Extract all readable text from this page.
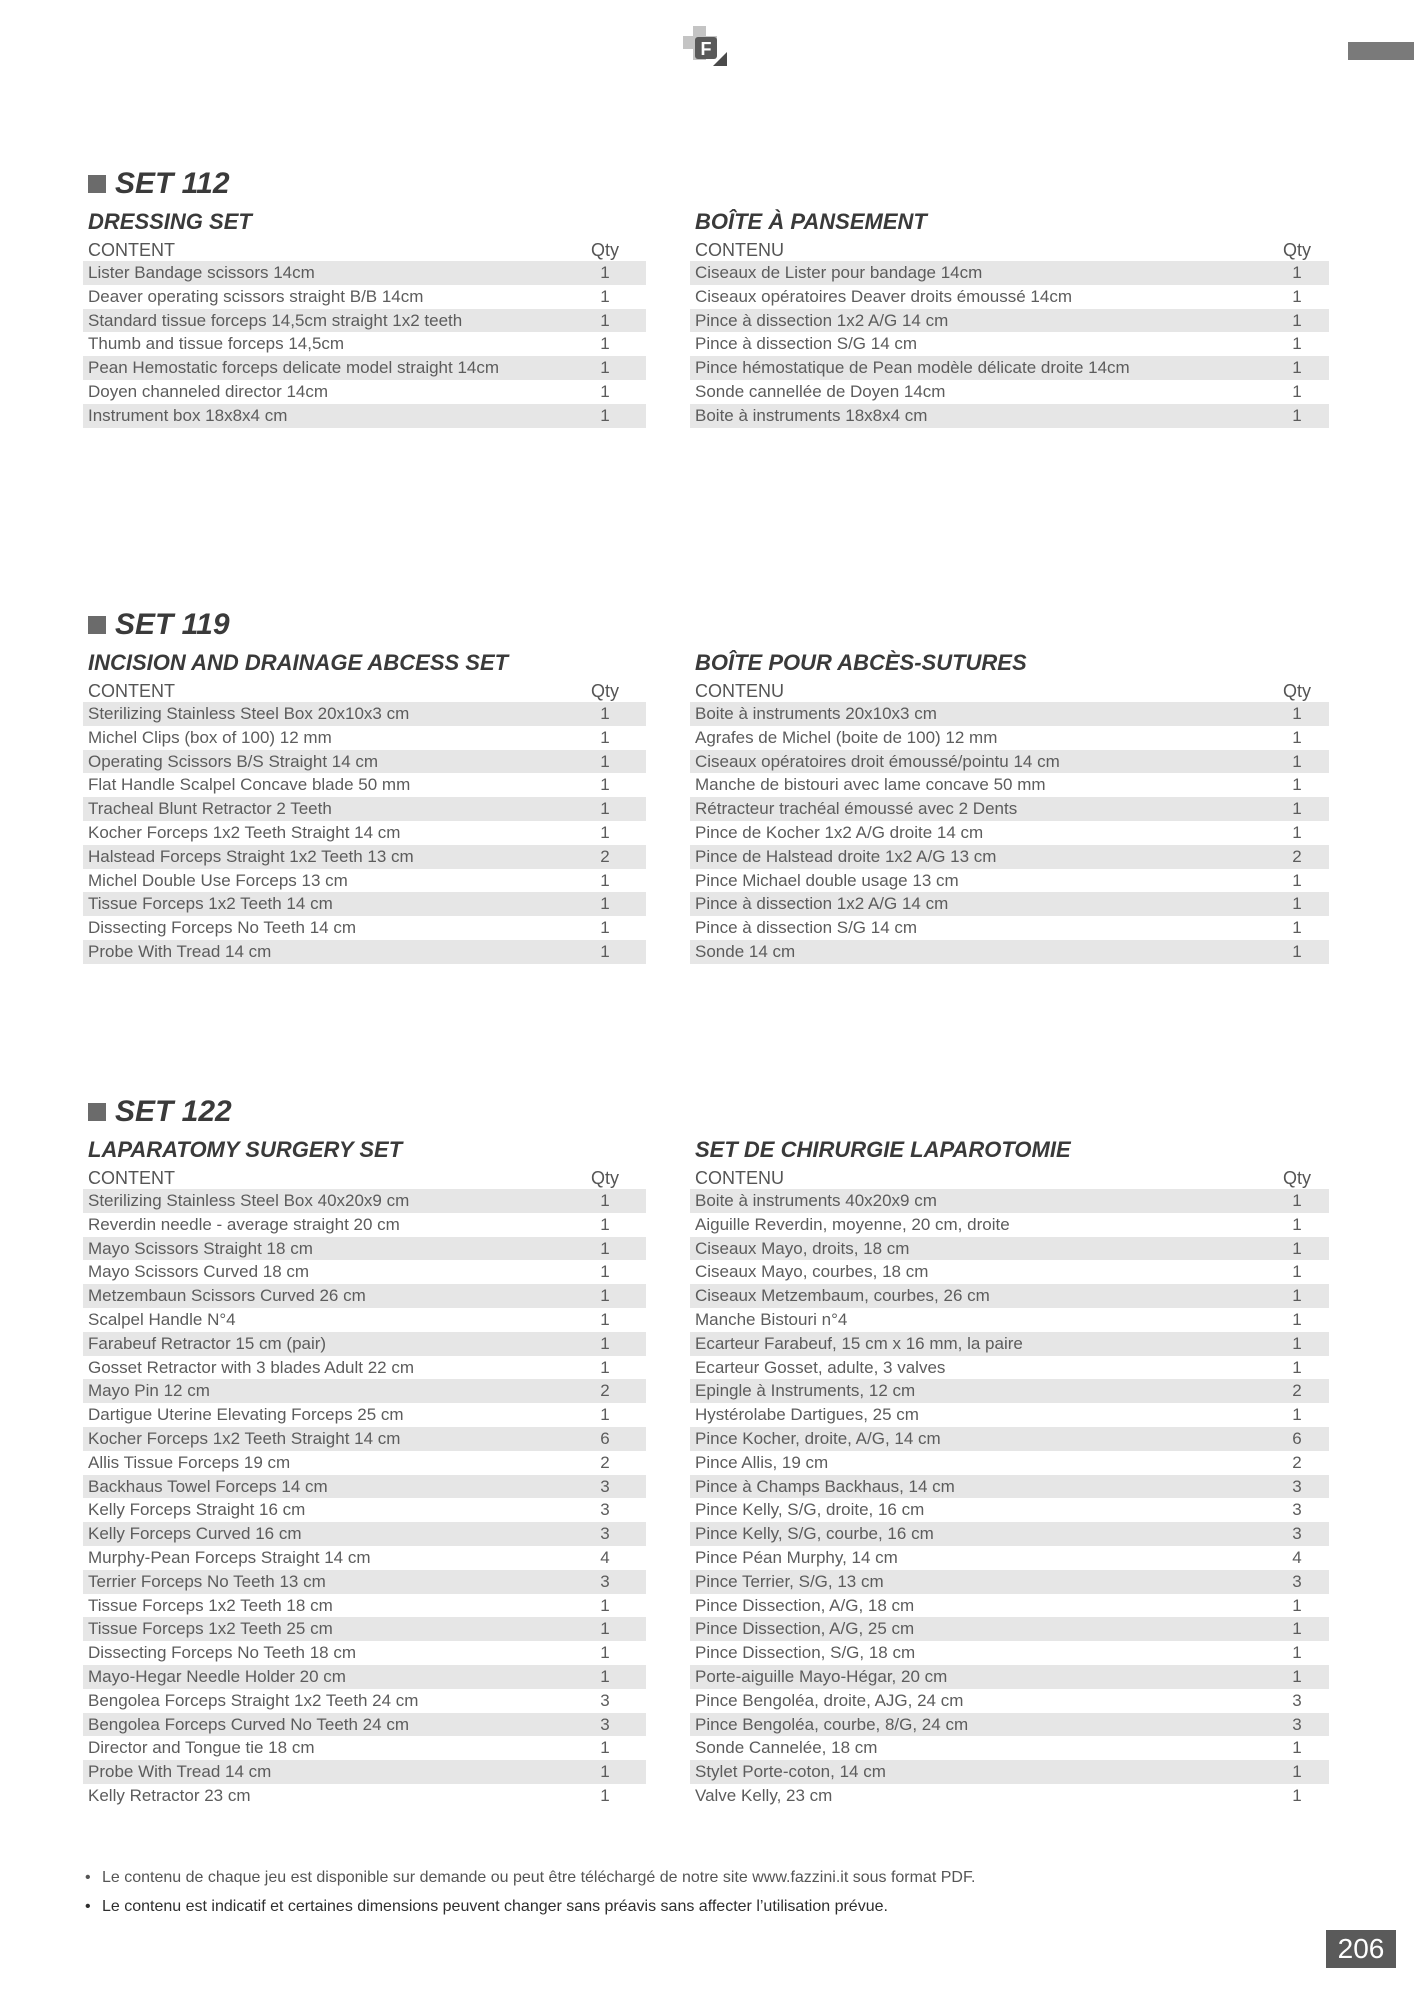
F
SET 112
DRESSING SET
CONTENT	Qty
Lister Bandage scissors 14cm	1
Deaver operating scissors straight B/B 14cm	1
Standard tissue forceps 14,5cm straight 1x2 teeth	1
Thumb and tissue forceps 14,5cm	1
Pean Hemostatic forceps delicate model straight 14cm	1
Doyen channeled director 14cm	1
Instrument box 18x8x4 cm	1
BOÎTE À PANSEMENT
CONTENU	Qty
Ciseaux de Lister pour bandage 14cm	1
Ciseaux opératoires Deaver droits émoussé 14cm	1
Pince à dissection 1x2 A/G 14 cm	1
Pince à dissection S/G 14 cm	1
Pince hémostatique de Pean modèle délicate droite 14cm	1
Sonde cannellée de Doyen 14cm	1
Boite à instruments 18x8x4 cm	1
SET 119
INCISION AND DRAINAGE ABCESS SET
CONTENT	Qty
Sterilizing Stainless Steel Box 20x10x3 cm	1
Michel Clips (box of 100) 12 mm	1
Operating Scissors B/S Straight 14 cm	1
Flat Handle Scalpel Concave blade 50 mm	1
Tracheal Blunt Retractor 2 Teeth	1
Kocher Forceps 1x2 Teeth Straight 14 cm	1
Halstead Forceps Straight 1x2 Teeth 13 cm	2
Michel Double Use Forceps 13 cm	1
Tissue Forceps 1x2 Teeth 14 cm	1
Dissecting Forceps No Teeth 14 cm	1
Probe With Tread 14 cm	1
BOÎTE POUR ABCÈS-SUTURES
CONTENU	Qty
Boite à instruments 20x10x3 cm	1
Agrafes de Michel (boite de 100) 12 mm	1
Ciseaux opératoires droit émoussé/pointu 14 cm	1
Manche de bistouri avec lame concave 50 mm	1
Rétracteur trachéal émoussé avec 2 Dents	1
Pince de Kocher 1x2 A/G droite 14 cm	1
Pince de Halstead droite 1x2 A/G 13 cm	2
Pince Michael double usage 13 cm	1
Pince à dissection 1x2 A/G 14 cm	1
Pince à dissection S/G 14 cm	1
Sonde 14 cm	1
SET 122
LAPARATOMY SURGERY SET
CONTENT	Qty
Sterilizing Stainless Steel Box 40x20x9 cm	1
Reverdin needle - average straight 20 cm	1
Mayo Scissors Straight 18 cm	1
Mayo Scissors Curved 18 cm	1
Metzembaun Scissors Curved 26 cm	1
Scalpel Handle N°4	1
Farabeuf Retractor 15 cm (pair)	1
Gosset Retractor with 3 blades Adult 22 cm	1
Mayo Pin 12 cm	2
Dartigue Uterine Elevating Forceps 25 cm	1
Kocher Forceps 1x2 Teeth Straight 14 cm	6
Allis Tissue Forceps 19 cm	2
Backhaus Towel Forceps 14 cm	3
Kelly Forceps Straight 16 cm	3
Kelly Forceps Curved 16 cm	3
Murphy-Pean Forceps Straight 14 cm	4
Terrier Forceps No Teeth 13 cm	3
Tissue Forceps 1x2 Teeth 18 cm	1
Tissue Forceps 1x2 Teeth 25 cm	1
Dissecting Forceps No Teeth 18 cm	1
Mayo-Hegar Needle Holder 20 cm	1
Bengolea Forceps Straight 1x2 Teeth 24 cm	3
Bengolea Forceps Curved No Teeth 24 cm	3
Director and Tongue tie 18 cm	1
Probe With Tread 14 cm	1
Kelly Retractor 23 cm	1
SET DE CHIRURGIE LAPAROTOMIE
CONTENU	Qty
Boite à instruments 40x20x9 cm	1
Aiguille Reverdin, moyenne, 20 cm, droite	1
Ciseaux Mayo, droits, 18 cm	1
Ciseaux Mayo, courbes, 18 cm	1
Ciseaux Metzembaum, courbes, 26 cm	1
Manche Bistouri n°4	1
Ecarteur Farabeuf, 15 cm x 16 mm, la paire	1
Ecarteur Gosset, adulte, 3 valves	1
Epingle à Instruments, 12 cm	2
Hystérolabe Dartigues, 25 cm	1
Pince Kocher, droite, A/G, 14 cm	6
Pince Allis, 19 cm	2
Pince à Champs Backhaus, 14 cm	3
Pince Kelly, S/G, droite, 16 cm	3
Pince Kelly, S/G, courbe, 16 cm	3
Pince Péan Murphy, 14 cm	4
Pince Terrier, S/G, 13 cm	3
Pince Dissection, A/G, 18 cm	1
Pince Dissection, A/G, 25 cm	1
Pince Dissection, S/G, 18 cm	1
Porte-aiguille Mayo-Hégar, 20 cm	1
Pince Bengoléa, droite, AJG, 24 cm	3
Pince Bengoléa, courbe, 8/G, 24 cm	3
Sonde Cannelée, 18 cm	1
Stylet Porte-coton, 14 cm	1
Valve Kelly, 23 cm	1
•Le contenu de chaque jeu est disponible sur demande ou peut être téléchargé de notre site www.fazzini.it sous format PDF.
•Le contenu est indicatif et certaines dimensions peuvent changer sans préavis sans affecter l’utilisation prévue.
206
